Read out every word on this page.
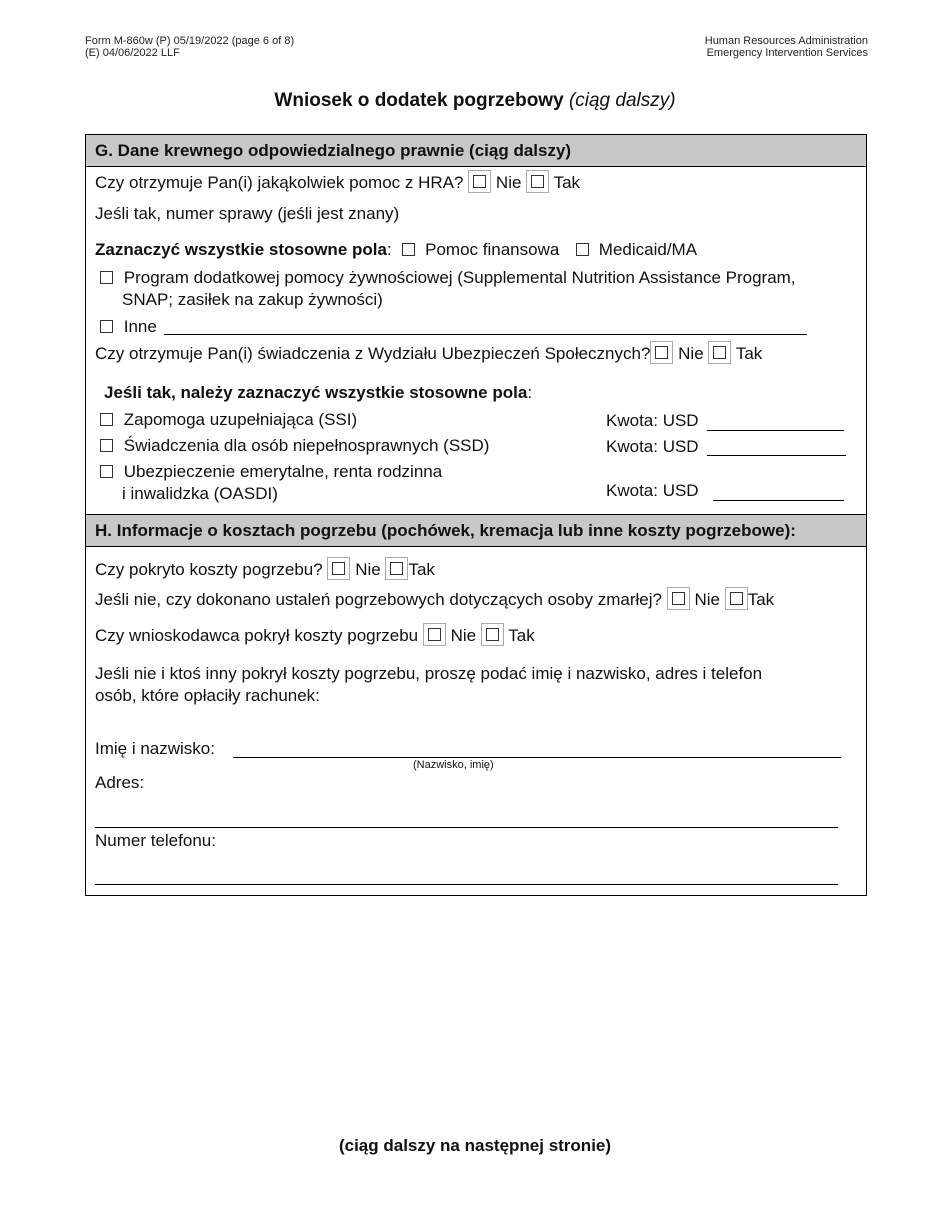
Form M-860w (P) 05/19/2022 (page 6 of 8)
(E) 04/06/2022 LLF
Human Resources Administration
Emergency Intervention Services
Wniosek o dodatek pogrzebowy (ciąg dalszy)
G. Dane krewnego odpowiedzialnego prawnie (ciąg dalszy)
Czy otrzymuje Pan(i) jakąkolwiek pomoc z HRA? Nie Tak
Jeśli tak, numer sprawy (jeśli jest znany)
Zaznaczyć wszystkie stosowne pola:  Pomoc finansowa Medicaid/MA
Program dodatkowej pomocy żywnościowej (Supplemental Nutrition Assistance Program,
SNAP; zasiłek na zakup żywności)
Inne
Czy otrzymuje Pan(i) świadczenia z Wydziału Ubezpieczeń Społecznych? Nie Tak
Jeśli tak, należy zaznaczyć wszystkie stosowne pola:
Zapomoga uzupełniająca (SSI)	Kwota: USD
Świadczenia dla osób niepełnosprawnych (SSD)	Kwota: USD
Ubezpieczenie emerytalne, renta rodzinna
i inwalidzka (OASDI)	Kwota: USD
H. Informacje o kosztach pogrzebu (pochówek, kremacja lub inne koszty pogrzebowe):
Czy pokryto koszty pogrzebu? Nie Tak
Jeśli nie, czy dokonano ustaleń pogrzebowych dotyczących osoby zmarłej? Nie Tak
Czy wnioskodawca pokrył koszty pogrzebu Nie Tak
Jeśli nie i ktoś inny pokrył koszty pogrzebu, proszę podać imię i nazwisko, adres i telefon
osób, które opłaciły rachunek:
Imię i nazwisko:
(Nazwisko, imię)
Adres:
Numer telefonu:
(ciąg dalszy na następnej stronie)
